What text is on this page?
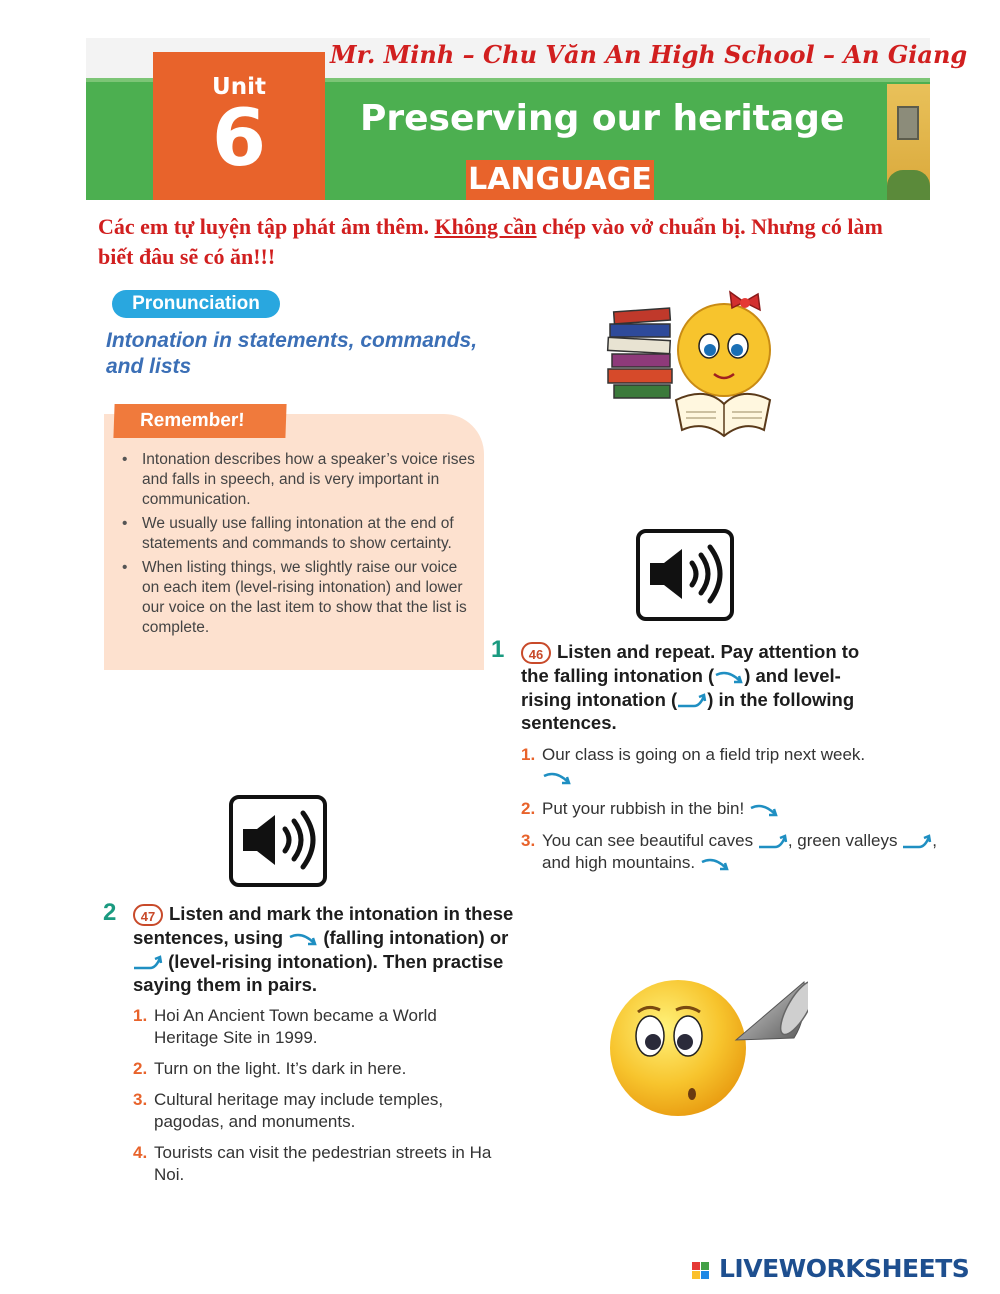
Unit
6
Mr. Minh – Chu Văn An High School – An Giang
Preserving our heritage
LANGUAGE
Các em tự luyện tập phát âm thêm. Không cần chép vào vở chuẩn bị. Nhưng có làm biết đâu sẽ có ăn!!!
Pronunciation
Intonation in statements, commands, and lists
Remember!
• Intonation describes how a speaker’s voice rises and falls in speech, and is very important in communication.
• We usually use falling intonation at the end of statements and commands to show certainty.
• When listing things, we slightly raise our voice on each item (level-rising intonation) and lower our voice on the last item to show that the list is complete.
1	46 Listen and repeat. Pay attention to the falling intonation ( ) and level-rising intonation ( ) in the following sentences.
1. Our class is going on a field trip next week.
2. Put your rubbish in the bin!
3. You can see beautiful caves , green valleys , and high mountains.
2	47 Listen and mark the intonation in these sentences, using (falling intonation) or  (level-rising intonation). Then practise saying them in pairs.
1. Hoi An Ancient Town became a World Heritage Site in 1999.
2. Turn on the light. It’s dark in here.
3. Cultural heritage may include temples, pagodas, and monuments.
4. Tourists can visit the pedestrian streets in Ha Noi.
LIVEWORKSHEETS
